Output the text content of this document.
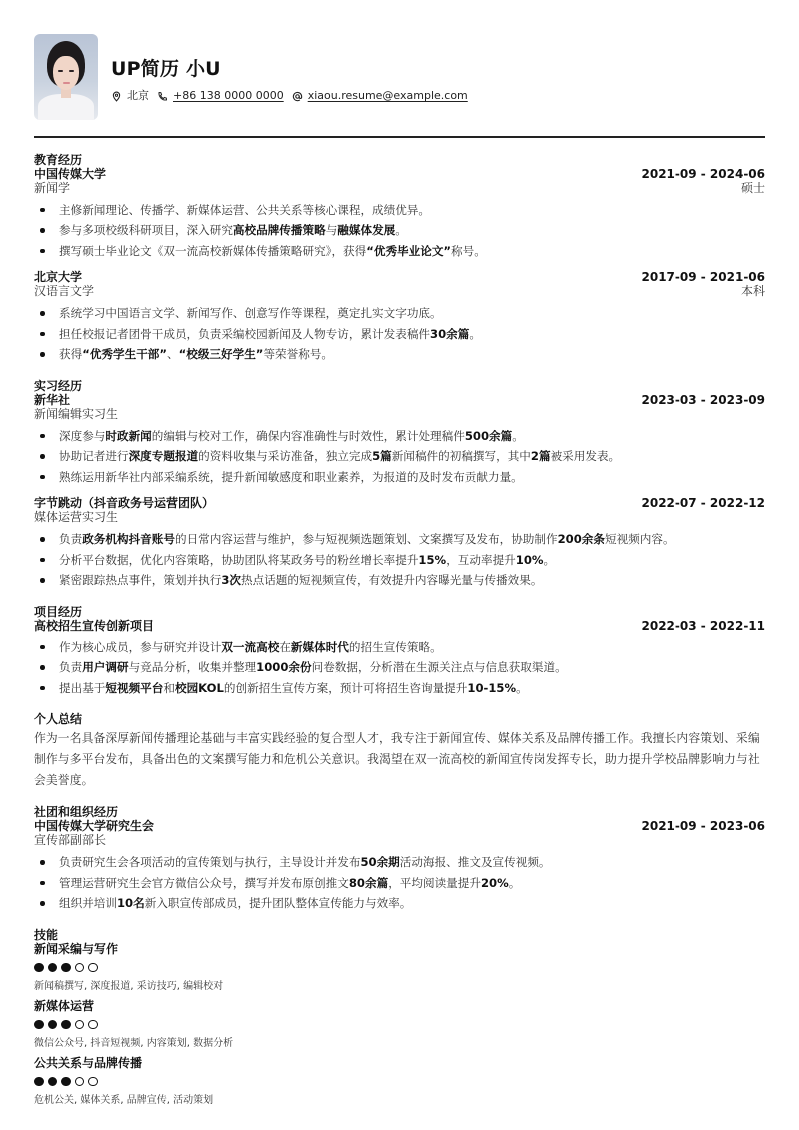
UP简历 小U
北京 +86 138 0000 0000 xiaou.resume@example.com
教育经历
中国传媒大学	2021-09 - 2024-06
新闻学	硕士
主修新闻理论、传播学、新媒体运营、公共关系等核心课程，成绩优异。
参与多项校级科研项目，深入研究高校品牌传播策略与融媒体发展。
撰写硕士毕业论文《双一流高校新媒体传播策略研究》，获得“优秀毕业论文”称号。
北京大学	2017-09 - 2021-06
汉语言文学	本科
系统学习中国语言文学、新闻写作、创意写作等课程，奠定扎实文字功底。
担任校报记者团骨干成员，负责采编校园新闻及人物专访，累计发表稿件30余篇。
获得“优秀学生干部”、“校级三好学生”等荣誉称号。
实习经历
新华社	2023-03 - 2023-09
新闻编辑实习生
深度参与时政新闻的编辑与校对工作，确保内容准确性与时效性，累计处理稿件500余篇。
协助记者进行深度专题报道的资料收集与采访准备，独立完成5篇新闻稿件的初稿撰写，其中2篇被采用发表。
熟练运用新华社内部采编系统，提升新闻敏感度和职业素养，为报道的及时发布贡献力量。
字节跳动（抖音政务号运营团队）	2022-07 - 2022-12
媒体运营实习生
负责政务机构抖音账号的日常内容运营与维护，参与短视频选题策划、文案撰写及发布，协助制作200余条短视频内容。
分析平台数据，优化内容策略，协助团队将某政务号的粉丝增长率提升15%，互动率提升10%。
紧密跟踪热点事件，策划并执行3次热点话题的短视频宣传，有效提升内容曝光量与传播效果。
项目经历
高校招生宣传创新项目	2022-03 - 2022-11
作为核心成员，参与研究并设计双一流高校在新媒体时代的招生宣传策略。
负责用户调研与竞品分析，收集并整理1000余份问卷数据，分析潜在生源关注点与信息获取渠道。
提出基于短视频平台和校园KOL的创新招生宣传方案，预计可将招生咨询量提升10-15%。
个人总结
作为一名具备深厚新闻传播理论基础与丰富实践经验的复合型人才，我专注于新闻宣传、媒体关系及品牌传播工作。我擅长内容策划、采编制作与多平台发布，具备出色的文案撰写能力和危机公关意识。我渴望在双一流高校的新闻宣传岗发挥专长，助力提升学校品牌影响力与社会美誉度。
社团和组织经历
中国传媒大学研究生会	2021-09 - 2023-06
宣传部副部长
负责研究生会各项活动的宣传策划与执行，主导设计并发布50余期活动海报、推文及宣传视频。
管理运营研究生会官方微信公众号，撰写并发布原创推文80余篇，平均阅读量提升20%。
组织并培训10名新入职宣传部成员，提升团队整体宣传能力与效率。
技能
新闻采编与写作
新闻稿撰写, 深度报道, 采访技巧, 编辑校对
新媒体运营
微信公众号, 抖音短视频, 内容策划, 数据分析
公共关系与品牌传播
危机公关, 媒体关系, 品牌宣传, 活动策划
